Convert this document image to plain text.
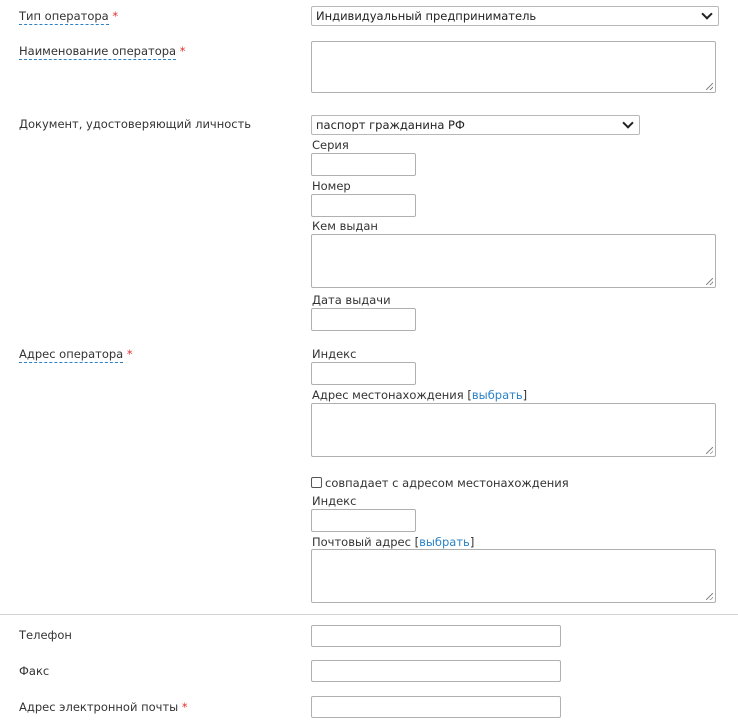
Тип оператора *	Индивидуальный предприниматель
Наименование оператора *
Документ, удостоверяющий личность	паспорт гражданина РФ
Серия
Номер
Кем выдан
Дата выдачи
Адрес оператора *	Индекс
Адрес местонахождения [выбрать]
совпадает с адресом местонахождения
Индекс
Почтовый адрес [выбрать]
Телефон
Факс
Адрес электронной почты *
